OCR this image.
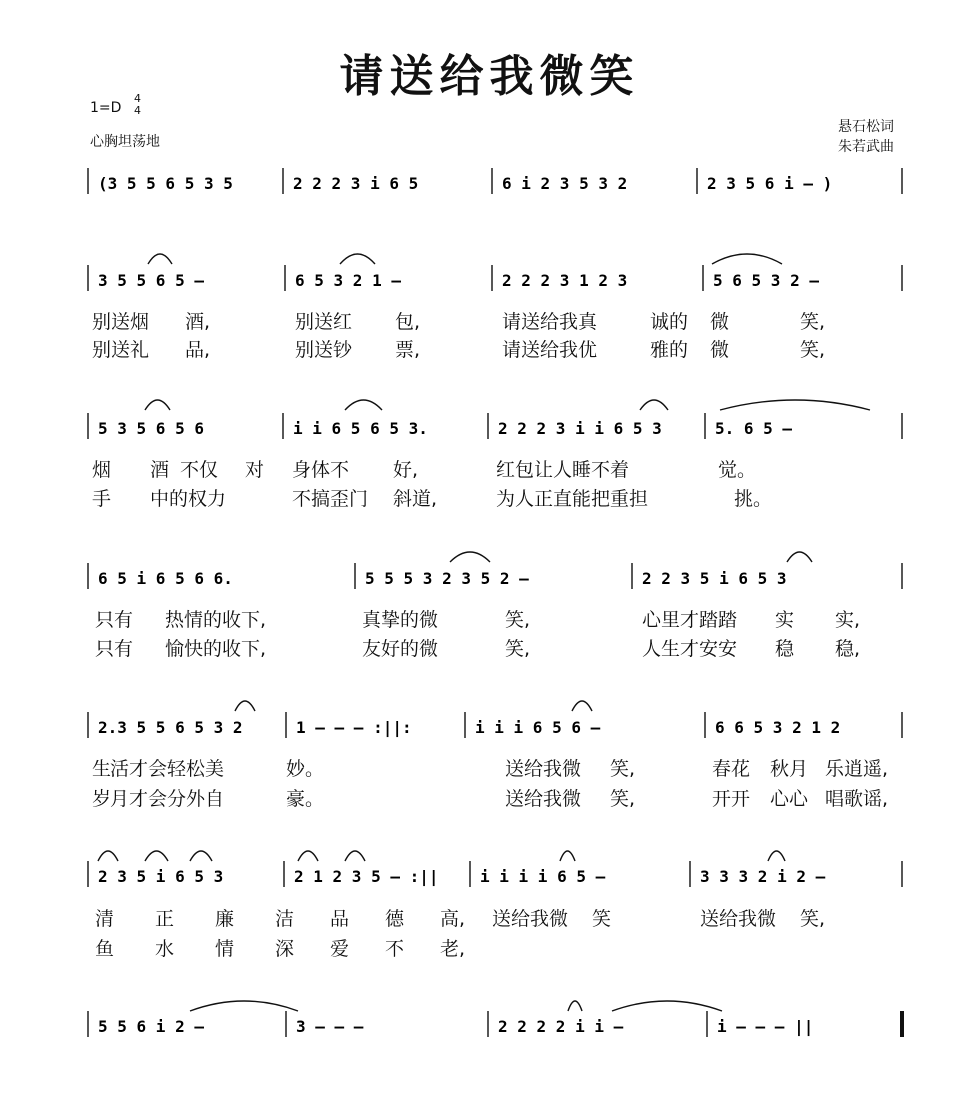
请送给我微笑
1=D
4
4
心胸坦荡地
悬石松词
朱若武曲
(3 5 5 6 5 3 5	2 2 2 3 i 6 5	6 i 2 3 5 3 2	2 3 5 6 i – )
3 5 5 6 5 –	6 5 3 2 1 –	2 2 2 3 1 2 3	5 6 5 3 2 –
5 3 5 6 5 6	i i 6 5 6 5 3.	2 2 2 3 i i 6 5 3	5. 6 5 –
6 5 i 6 5 6 6.	5 5 5 3 2 3 5 2 –	2 2 3 5 i 6 5 3
2.3 5 5 6 5 3 2	1 – – – :||:	i i i 6 5 6 –	6 6 5 3 2 1 2
2 3 5 i 6 5 3	2 1 2 3 5 – :||	i i i i 6 5 –	3 3 3 2 i 2 –
5 5 6 i 2 –	3 – – –	2 2 2 2 i i –	i – – – ||
别送烟 酒,	别送红 包,	请送给我真	诚的 微	笑,
别送礼 品,	别送钞 票,	请送给我优	雅的 微	笑,
烟 酒 不仅 对 身体不 好,	红包让人睡不着	觉。
手 中的权力	不搞歪门 斜道,	为人正直能把重担	挑。
只有 热情的收下,	真挚的微	笑,	心里才踏踏 实 实,
只有 愉快的收下,	友好的微	笑,	人生才安安 稳 稳,
生
活才会轻松美	妙。	送给我微 笑,	春花 秋月 乐逍遥,
岁
月才会分外自	豪。	送给我微 笑,	开开 心心 唱歌谣,
清 正 廉 洁 品 德 高, 送给我微 笑	送给我微 笑,
鱼 水 情 深 爱 不 老,
